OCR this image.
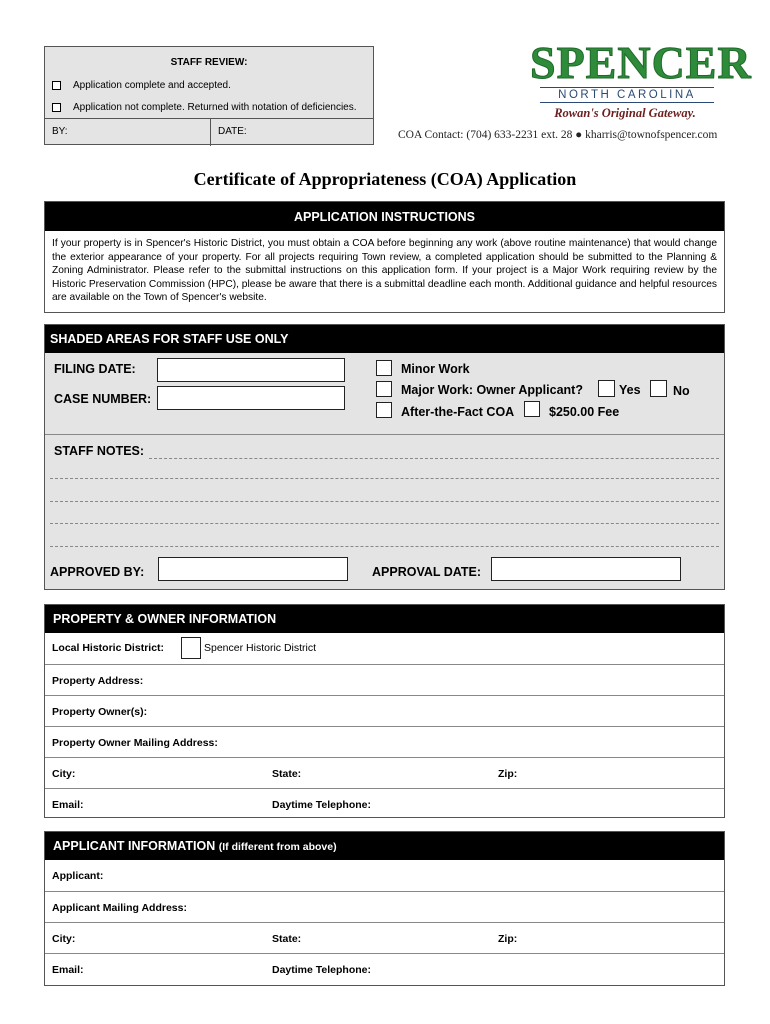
STAFF REVIEW:
Application complete and accepted.
Application not complete. Returned with notation of deficiencies.
BY:	DATE:
SPENCER
NORTH CAROLINA
Rowan's Original Gateway.
COA Contact: (704) 633-2231 ext. 28 ● kharris@townofspencer.com
Certificate of Appropriateness (COA) Application
APPLICATION INSTRUCTIONS
If your property is in Spencer's Historic District, you must obtain a COA before beginning any work (above routine maintenance) that would change the exterior appearance of your property. For all projects requiring Town review, a completed application should be submitted to the Planning & Zoning Administrator. Please refer to the submittal instructions on this application form. If your project is a Major Work requiring review by the Historic Preservation Commission (HPC), please be aware that there is a submittal deadline each month. Additional guidance and helpful resources are available on the Town of Spencer's website.
SHADED AREAS FOR STAFF USE ONLY
FILING DATE:
CASE NUMBER:
Minor Work
Major Work: Owner Applicant?	Yes	No
After-the-Fact COA	$250.00 Fee
STAFF NOTES:
APPROVED BY:	APPROVAL DATE:
PROPERTY & OWNER INFORMATION
Local Historic District:	Spencer Historic District
Property Address:
Property Owner(s):
Property Owner Mailing Address:
City:	State:	Zip:
Email:	Daytime Telephone:
APPLICANT INFORMATION (If different from above)
Applicant:
Applicant Mailing Address:
City:	State:	Zip:
Email:	Daytime Telephone:
